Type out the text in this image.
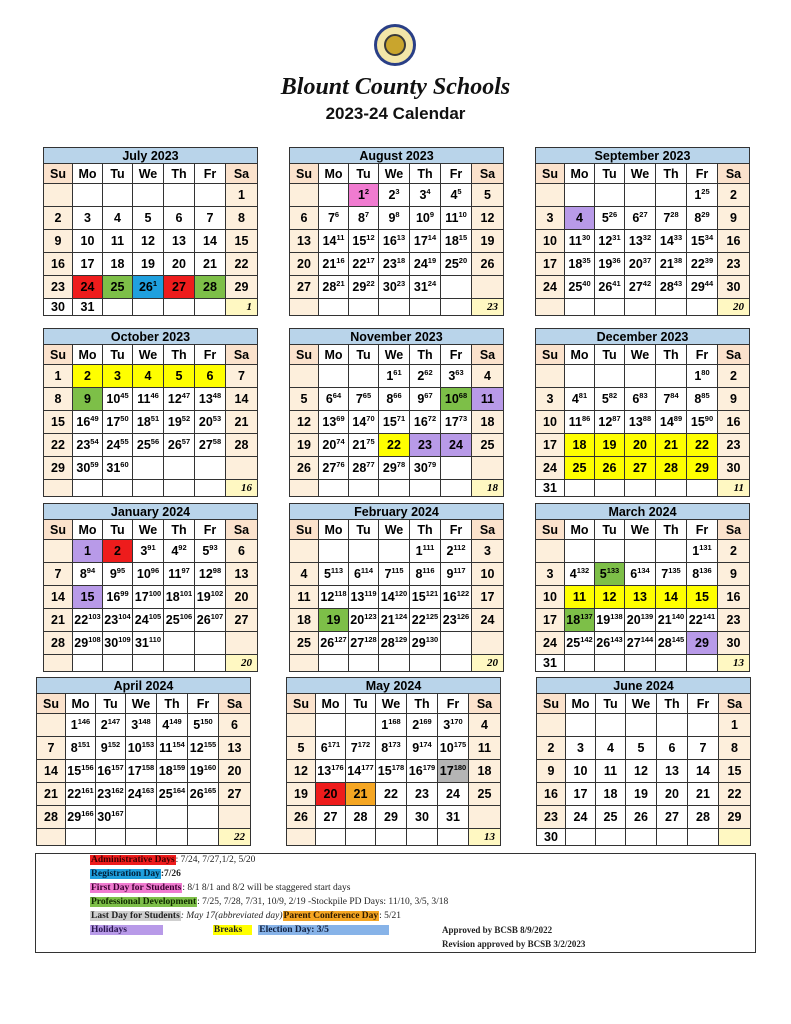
Blount County Schools
2023-24 Calendar
July 2023						
Su	Mo	Tu	We	Th	Fr	Sa
						1
2	3	4	5	6	7	8
9	10	11	12	13	14	15
16	17	18	19	20	21	22
23	24	25	$26^1$	27	28	29
30	31					1
August 2023						
Su	Mo	Tu	We	Th	Fr	Sa
		$1^2$	$2^3$	$3^4$	$4^5$	5
6	$7^6$	$8^7$	$9^8$	$10^9$	$11^{10}$	12
13	$14^{11}$	$15^{12}$	$16^{13}$	$17^{14}$	$18^{15}$	19
20	$21^{16}$	$22^{17}$	$23^{18}$	$24^{19}$	$25^{20}$	26
27	$28^{21}$	$29^{22}$	$30^{23}$	$31^{24}$		
						23
September 2023						
Su	Mo	Tu	We	Th	Fr	Sa
					$1^{25}$	2
3	4	$5^{26}$	$6^{27}$	$7^{28}$	$8^{29}$	9
10	$11^{30}$	$12^{31}$	$13^{32}$	$14^{33}$	$15^{34}$	16
17	$18^{35}$	$19^{36}$	$20^{37}$	$21^{38}$	$22^{39}$	23
24	$25^{40}$	$26^{41}$	$27^{42}$	$28^{43}$	$29^{44}$	30
						20
October 2023						
Su	Mo	Tu	We	Th	Fr	Sa
1	2	3	4	5	6	7
8	9	$10^{45}$	$11^{46}$	$12^{47}$	$13^{48}$	14
15	$16^{49}$	$17^{50}$	$18^{51}$	$19^{52}$	$20^{53}$	21
22	$23^{54}$	$24^{55}$	$25^{56}$	$26^{57}$	$27^{58}$	28
29	$30^{59}$	$31^{60}$				
						16
November 2023						
Su	Mo	Tu	We	Th	Fr	Sa
			$1^{61}$	$2^{62}$	$3^{63}$	4
5	$6^{64}$	$7^{65}$	$8^{66}$	$9^{67}$	$10^{68}$	11
12	$13^{69}$	$14^{70}$	$15^{71}$	$16^{72}$	$17^{73}$	18
19	$20^{74}$	$21^{75}$	22	23	24	25
26	$27^{76}$	$28^{77}$	$29^{78}$	$30^{79}$		
						18
December 2023						
Su	Mo	Tu	We	Th	Fr	Sa
					$1^{80}$	2
3	$4^{81}$	$5^{82}$	$6^{83}$	$7^{84}$	$8^{85}$	9
10	$11^{86}$	$12^{87}$	$13^{88}$	$14^{89}$	$15^{90}$	16
17	18	19	20	21	22	23
24	25	26	27	28	29	30
31						11
January 2024						
Su	Mo	Tu	We	Th	Fr	Sa
	1	2	$3^{91}$	$4^{92}$	$5^{93}$	6
7	$8^{94}$	$9^{95}$	$10^{96}$	$11^{97}$	$12^{98}$	13
14	15	$16^{99}$	$17^{100}$	$18^{101}$	$19^{102}$	20
21	$22^{103}$	$23^{104}$	$24^{105}$	$25^{106}$	$26^{107}$	27
28	$29^{108}$	$30^{109}$	$31^{110}$			
						20
February 2024						
Su	Mo	Tu	We	Th	Fr	Sa
				$1^{111}$	$2^{112}$	3
4	$5^{113}$	$6^{114}$	$7^{115}$	$8^{116}$	$9^{117}$	10
11	$12^{118}$	$13^{119}$	$14^{120}$	$15^{121}$	$16^{122}$	17
18	19	$20^{123}$	$21^{124}$	$22^{125}$	$23^{126}$	24
25	$26^{127}$	$27^{128}$	$28^{129}$	$29^{130}$		
						20
March 2024						
Su	Mo	Tu	We	Th	Fr	Sa
					$1^{131}$	2
3	$4^{132}$	$5^{133}$	$6^{134}$	$7^{135}$	$8^{136}$	9
10	11	12	13	14	15	16
17	$18^{137}$	$19^{138}$	$20^{139}$	$21^{140}$	$22^{141}$	23
24	$25^{142}$	$26^{143}$	$27^{144}$	$28^{145}$	29	30
31						13
April 2024						
Su	Mo	Tu	We	Th	Fr	Sa
	$1^{146}$	$2^{147}$	$3^{148}$	$4^{149}$	$5^{150}$	6
7	$8^{151}$	$9^{152}$	$10^{153}$	$11^{154}$	$12^{155}$	13
14	$15^{156}$	$16^{157}$	$17^{158}$	$18^{159}$	$19^{160}$	20
21	$22^{161}$	$23^{162}$	$24^{163}$	$25^{164}$	$26^{165}$	27
28	$29^{166}$	$30^{167}$				
						22
May 2024						
Su	Mo	Tu	We	Th	Fr	Sa
			$1^{168}$	$2^{169}$	$3^{170}$	4
5	$6^{171}$	$7^{172}$	$8^{173}$	$9^{174}$	$10^{175}$	11
12	$13^{176}$	$14^{177}$	$15^{178}$	$16^{179}$	$17^{180}$	18
19	20	21	22	23	24	25
26	27	28	29	30	31	
						13
June 2024						
Su	Mo	Tu	We	Th	Fr	Sa
						1
2	3	4	5	6	7	8
9	10	11	12	13	14	15
16	17	18	19	20	21	22
23	24	25	26	27	28	29
30						
Administrative Days: 7/24, 7/27,1/2, 5/20
Registration Day:7/26
First Day for Students: 8/1 8/1 and 8/2 will be staggered start days
Professional Development: 7/25, 7/28, 7/31, 10/9, 2/19 -Stockpile PD Days: 11/10, 3/5, 3/18
Last Day for Students: May 17(abbreviated day)Parent Conference Day: 5/21
Holidays	Breaks Election Day: 3/5	Approved by BCSB 8/9/2022
Revision approved by BCSB 3/2/2023
